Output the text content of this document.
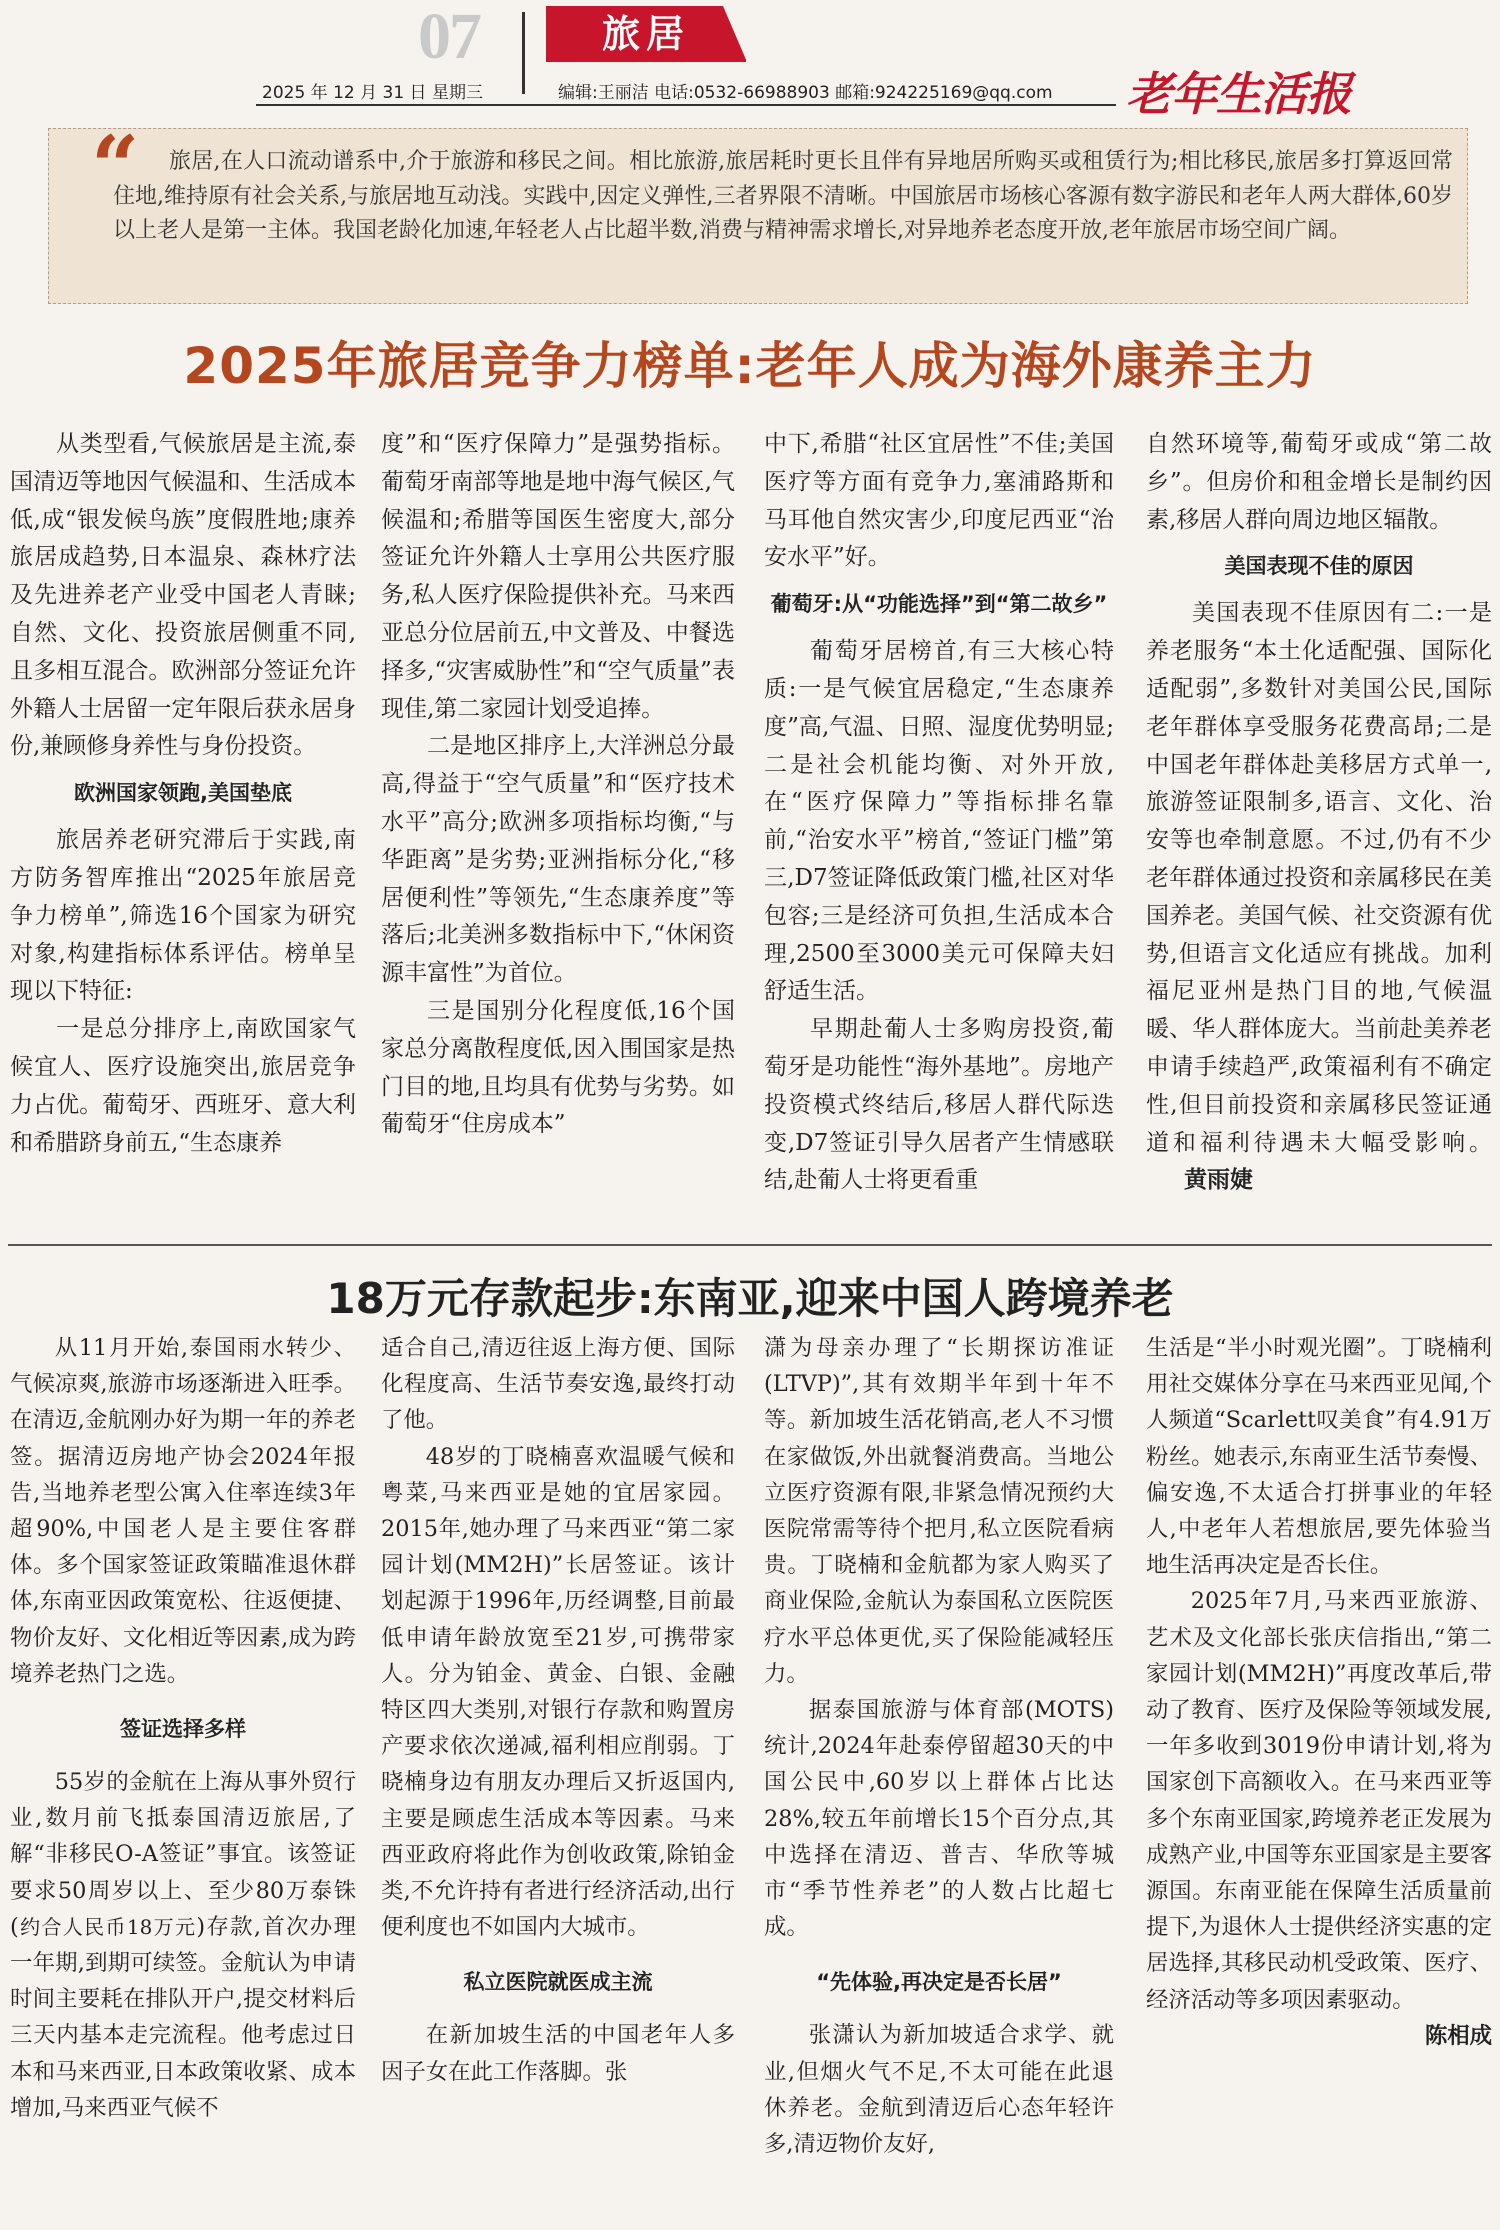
07	旅居
2025 年 12 月 31 日 星期三	编辑:王丽洁 电话:0532-66988903 邮箱:924225169@qq.com 老年生活报
“	旅居,在人口流动谱系中,介于旅游和移民之间。相比旅游,旅居耗时更长且伴有异地居所购买或租赁行为;相比移民,旅居多打算返回常住地,维持原有社会关系,与旅居地互动浅。实践中,因定义弹性,三者界限不清晰。中国旅居市场核心客源有数字游民和老年人两大群体,60岁以上老人是第一主体。我国老龄化加速,年轻老人占比超半数,消费与精神需求增长,对异地养老态度开放,老年旅居市场空间广阔。
2025年旅居竞争力榜单:老年人成为海外康养主力

从类型看,气候旅居是主流,泰国清迈等地因气候温和、生活成本低,成“银发候鸟族”度假胜地;康养旅居成趋势,日本温泉、森林疗法及先进养老产业受中国老人青睐;自然、文化、投资旅居侧重不同,且多相互混合。欧洲部分签证允许外籍人士居留一定年限后获永居身份,兼顾修身养性与身份投资。

欧洲国家领跑,美国垫底

旅居养老研究滞后于实践,南方防务智库推出“2025年旅居竞争力榜单”,筛选16个国家为研究对象,构建指标体系评估。榜单呈现以下特征:

一是总分排序上,南欧国家气候宜人、医疗设施突出,旅居竞争力占优。葡萄牙、西班牙、意大利和希腊跻身前五,“生态康养

度”和“医疗保障力”是强势指标。葡萄牙南部等地是地中海气候区,气候温和;希腊等国医生密度大,部分签证允许外籍人士享用公共医疗服务,私人医疗保险提供补充。马来西亚总分位居前五,中文普及、中餐选择多,“灾害威胁性”和“空气质量”表现佳,第二家园计划受追捧。

二是地区排序上,大洋洲总分最高,得益于“空气质量”和“医疗技术水平”高分;欧洲多项指标均衡,“与华距离”是劣势;亚洲指标分化,“移居便利性”等领先,“生态康养度”等落后;北美洲多数指标中下,“休闲资源丰富性”为首位。

三是国别分化程度低,16个国家总分离散程度低,因入围国家是热门目的地,且均具有优势与劣势。如葡萄牙“住房成本”

中下,希腊“社区宜居性”不佳;美国医疗等方面有竞争力,塞浦路斯和马耳他自然灾害少,印度尼西亚“治安水平”好。

葡萄牙:从“功能选择”到“第二故乡”

葡萄牙居榜首,有三大核心特质:一是气候宜居稳定,“生态康养度”高,气温、日照、湿度优势明显;二是社会机能均衡、对外开放,在“医疗保障力”等指标排名靠前,“治安水平”榜首,“签证门槛”第三,D7签证降低政策门槛,社区对华包容;三是经济可负担,生活成本合理,2500至3000美元可保障夫妇舒适生活。

早期赴葡人士多购房投资,葡萄牙是功能性“海外基地”。房地产投资模式终结后,移居人群代际迭变,D7签证引导久居者产生情感联结,赴葡人士将更看重

自然环境等,葡萄牙或成“第二故乡”。但房价和租金增长是制约因素,移居人群向周边地区辐散。

美国表现不佳的原因

美国表现不佳原因有二:一是养老服务“本土化适配强、国际化适配弱”,多数针对美国公民,国际老年群体享受服务花费高昂;二是中国老年群体赴美移居方式单一,旅游签证限制多,语言、文化、治安等也牵制意愿。不过,仍有不少老年群体通过投资和亲属移民在美国养老。美国气候、社交资源有优势,但语言文化适应有挑战。加利福尼亚州是热门目的地,气候温暖、华人群体庞大。当前赴美养老申请手续趋严,政策福利有不确定性,但目前投资和亲属移民签证通道和福利待遇未大幅受影响。黄雨婕

18万元存款起步:东南亚,迎来中国人跨境养老

从11月开始,泰国雨水转少、气候凉爽,旅游市场逐渐进入旺季。在清迈,金航刚办好为期一年的养老签。据清迈房地产协会2024年报告,当地养老型公寓入住率连续3年超90%,中国老人是主要住客群体。多个国家签证政策瞄准退休群体,东南亚因政策宽松、往返便捷、物价友好、文化相近等因素,成为跨境养老热门之选。

签证选择多样

55岁的金航在上海从事外贸行业,数月前飞抵泰国清迈旅居,了解“非移民O-A签证”事宜。该签证要求50周岁以上、至少80万泰铢(约合人民币18万元)存款,首次办理一年期,到期可续签。金航认为申请时间主要耗在排队开户,提交材料后三天内基本走完流程。他考虑过日本和马来西亚,日本政策收紧、成本增加,马来西亚气候不

适合自己,清迈往返上海方便、国际化程度高、生活节奏安逸,最终打动了他。

48岁的丁晓楠喜欢温暖气候和粤菜,马来西亚是她的宜居家园。2015年,她办理了马来西亚“第二家园计划(MM2H)”长居签证。该计划起源于1996年,历经调整,目前最低申请年龄放宽至21岁,可携带家人。分为铂金、黄金、白银、金融特区四大类别,对银行存款和购置房产要求依次递减,福利相应削弱。丁晓楠身边有朋友办理后又折返国内,主要是顾虑生活成本等因素。马来西亚政府将此作为创收政策,除铂金类,不允许持有者进行经济活动,出行便利度也不如国内大城市。

私立医院就医成主流

在新加坡生活的中国老年人多因子女在此工作落脚。张

潇为母亲办理了“长期探访准证(LTVP)”,其有效期半年到十年不等。新加坡生活花销高,老人不习惯在家做饭,外出就餐消费高。当地公立医疗资源有限,非紧急情况预约大医院常需等待个把月,私立医院看病贵。丁晓楠和金航都为家人购买了商业保险,金航认为泰国私立医院医疗水平总体更优,买了保险能减轻压力。

据泰国旅游与体育部(MOTS)统计,2024年赴泰停留超30天的中国公民中,60岁以上群体占比达28%,较五年前增长15个百分点,其中选择在清迈、普吉、华欣等城市“季节性养老”的人数占比超七成。

“先体验,再决定是否长居”

张潇认为新加坡适合求学、就业,但烟火气不足,不太可能在此退休养老。金航到清迈后心态年轻许多,清迈物价友好,

生活是“半小时观光圈”。丁晓楠利用社交媒体分享在马来西亚见闻,个人频道“Scarlett叹美食”有4.91万粉丝。她表示,东南亚生活节奏慢、偏安逸,不太适合打拼事业的年轻人,中老年人若想旅居,要先体验当地生活再决定是否长住。

2025年7月,马来西亚旅游、艺术及文化部长张庆信指出,“第二家园计划(MM2H)”再度改革后,带动了教育、医疗及保险等领域发展,一年多收到3019份申请计划,将为国家创下高额收入。在马来西亚等多个东南亚国家,跨境养老正发展为成熟产业,中国等东亚国家是主要客源国。东南亚能在保障生活质量前提下,为退休人士提供经济实惠的定居选择,其移民动机受政策、医疗、经济活动等多项因素驱动。

陈相成
